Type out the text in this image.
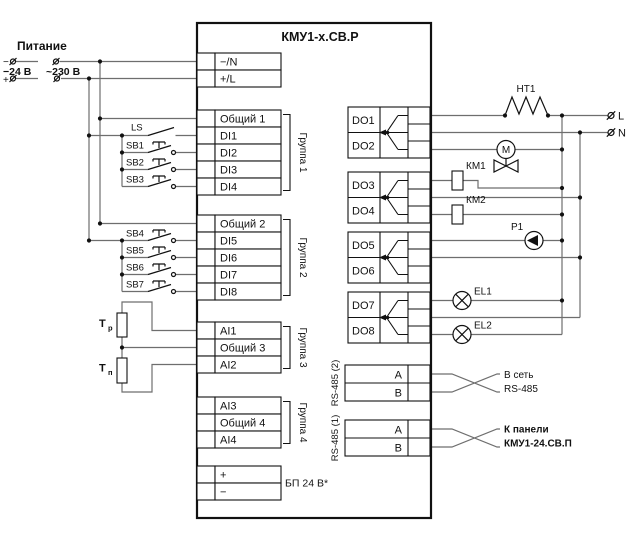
Питание
−
+
−24 В ~230 В
КМУ1-х.СВ.Р
−/N
+/L
Общий 1
DI1
DI2
DI3
DI4
Группа 1
Общий 2
DI5
DI6
DI7
DI8
Группа 2
AI1
Общий 3
AI2	Группа 3
AI3
Общий 4
AI4	Группа 4
+
−
БП 24 В*
LS
SB1
SB2
SB3
SB4
SB5
SB6
SB7
Т р
Т п
DO1
DO2
DO3
DO4
DO5
DO6
DO7
DO8
A
B
RS-485 (2)	В сеть
RS-485
A
B
RS-485 (1)	К панели
КМУ1-24.СВ.П
HT1
M
КМ1
КМ2
P1
EL1
EL2
L
N
